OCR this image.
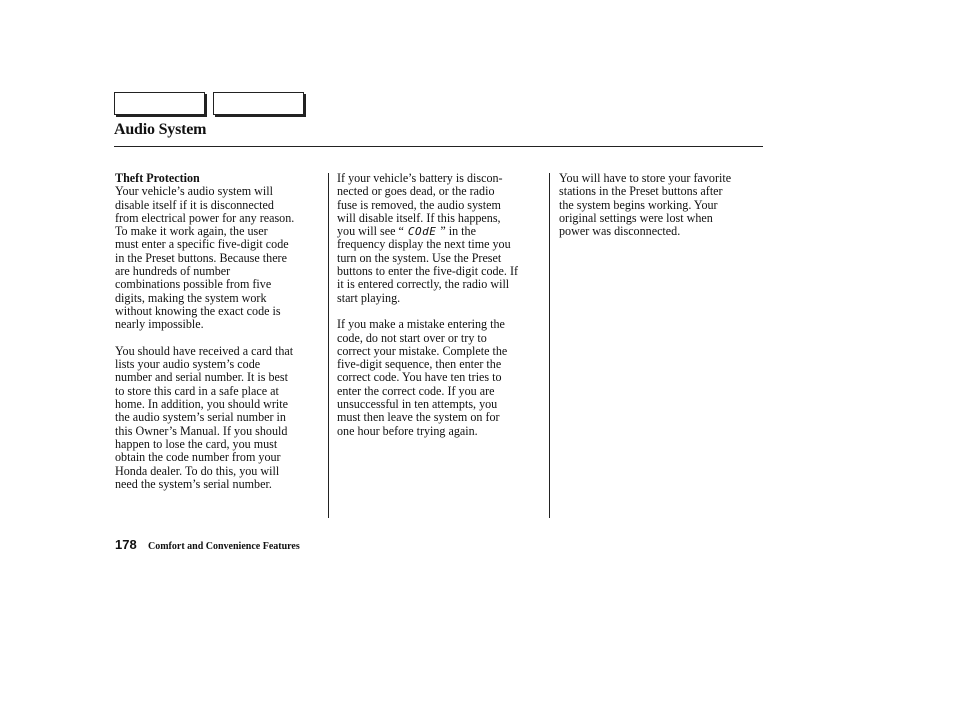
Audio System
Theft Protection

Your vehicle’s audio system will
disable itself if it is disconnected
from electrical power for any reason.
To make it work again, the user
must enter a specific five-digit code
in the Preset buttons. Because there
are hundreds of number
combinations possible from five
digits, making the system work
without knowing the exact code is
nearly impossible.

You should have received a card that
lists your audio system’s code
number and serial number. It is best
to store this card in a safe place at
home. In addition, you should write
the audio system’s serial number in
this Owner’s Manual. If you should
happen to lose the card, you must
obtain the code number from your
Honda dealer. To do this, you will
need the system’s serial number.

If your vehicle’s battery is discon-
nected or goes dead, or the radio
fuse is removed, the audio system
will disable itself. If this happens,
you will see “ COdE ” in the
frequency display the next time you
turn on the system. Use the Preset
buttons to enter the five-digit code. If
it is entered correctly, the radio will
start playing.

If you make a mistake entering the
code, do not start over or try to
correct your mistake. Complete the
five-digit sequence, then enter the
correct code. You have ten tries to
enter the correct code. If you are
unsuccessful in ten attempts, you
must then leave the system on for
one hour before trying again.

You will have to store your favorite
stations in the Preset buttons after
the system begins working. Your
original settings were lost when
power was disconnected.

178 Comfort and Convenience Features
